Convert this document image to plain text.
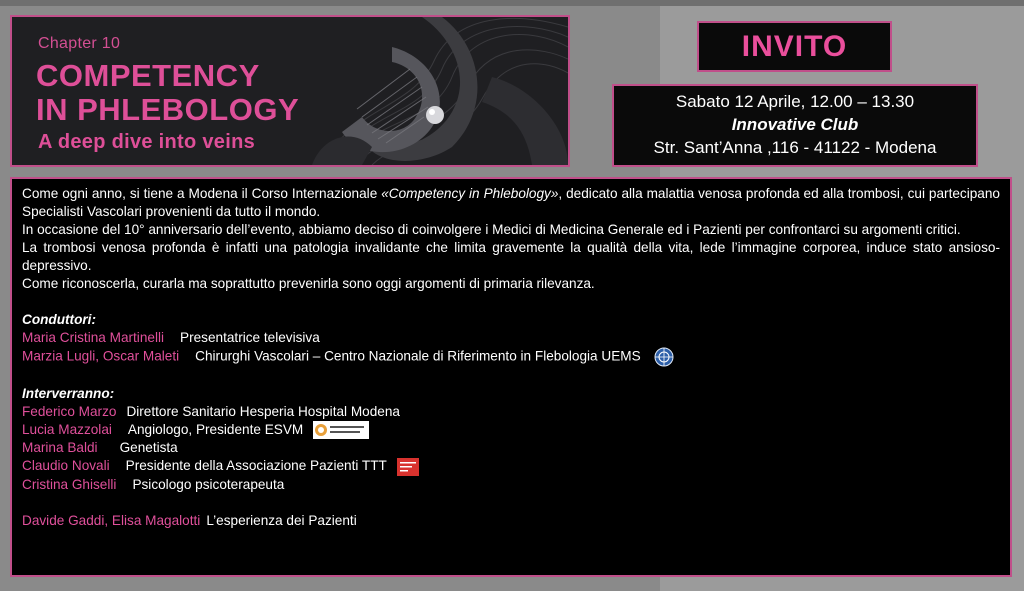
Chapter 10
COMPETENCY
IN PHLEBOLOGY
A deep dive into veins
INVITO
Sabato 12 Aprile, 12.00 – 13.30
Innovative Club
Str. Sant’Anna ,116 - 41122 - Modena

Come ogni anno, si tiene a Modena il Corso Internazionale «Competency in Phlebology», dedicato alla malattia venosa profonda ed alla trombosi, cui partecipano Specialisti Vascolari provenienti da tutto il mondo.

In occasione del 10° anniversario dell’evento, abbiamo deciso di coinvolgere i Medici di Medicina Generale ed i Pazienti per confrontarci su argomenti critici.

La trombosi venosa profonda è infatti una patologia invalidante che limita gravemente la qualità della vita, lede l’immagine corporea, induce stato ansioso-depressivo.

Come riconoscerla, curarla ma soprattutto prevenirla sono oggi argomenti di primaria rilevanza.

Conduttori:

Maria Cristina Martinelli Presentatrice televisiva

Marzia Lugli, Oscar Maleti Chirurghi Vascolari – Centro Nazionale di Riferimento in Flebologia UEMS

Interverranno:

Federico Marzo Direttore Sanitario Hesperia Hospital Modena

Lucia Mazzolai Angiologo, Presidente ESVM

Marina Baldi Genetista

Claudio Novali Presidente della Associazione Pazienti TTT

Cristina Ghiselli Psicologo psicoterapeuta

Davide Gaddi, Elisa Magalotti L’esperienza dei Pazienti
